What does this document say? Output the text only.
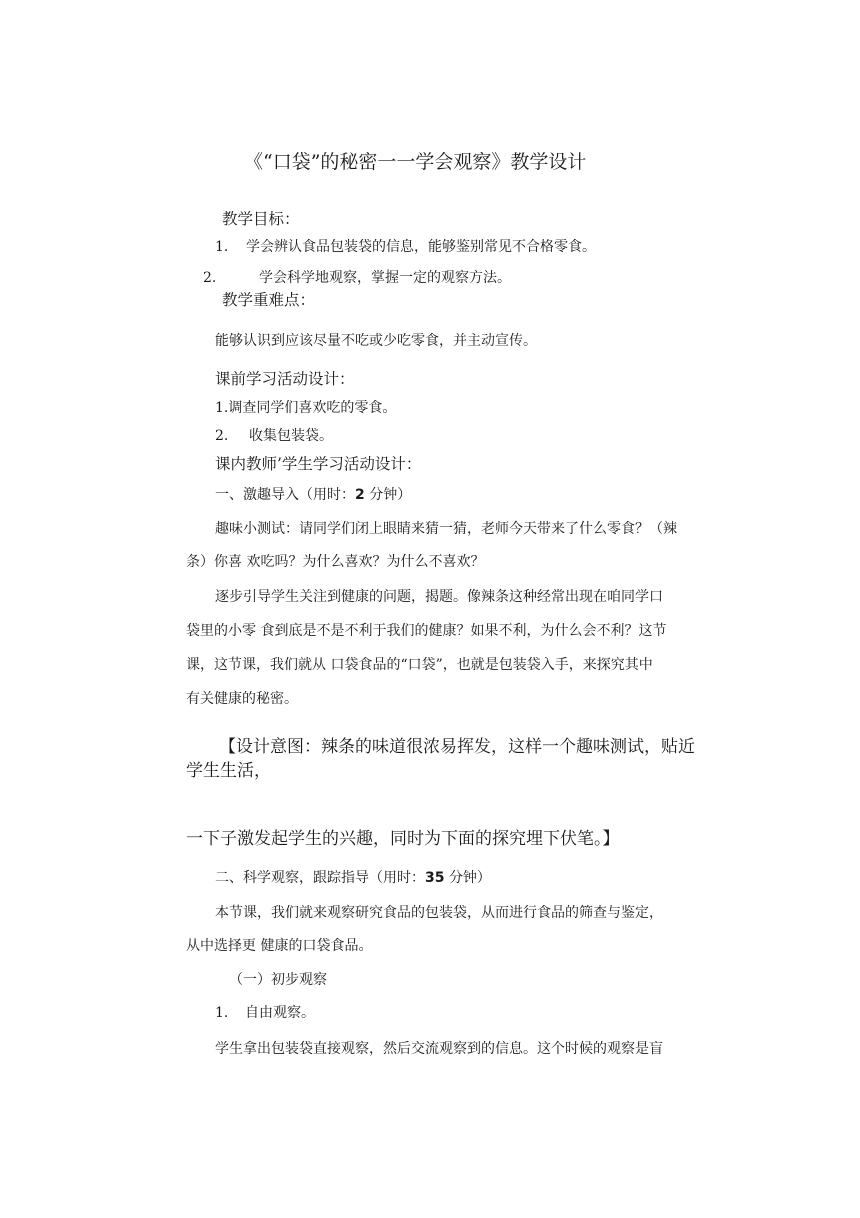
《“口袋”的秘密一一学会观察》教学设计
教学目标：
1. 学会辨认食品包装袋的信息，能够鉴别常见不合格零食。
2.	学会科学地观察，掌握一定的观察方法。
教学重难点：
能够认识到应该尽量不吃或少吃零食，并主动宣传。
课前学习活动设计：
1.调查同学们喜欢吃的零食。
2. 收集包装袋。
课内教师’学生学习活动设计：
一、激趣导入（用时：2 分钟）
趣味小测试：请同学们闭上眼睛来猜一猜，老师今天带来了什么零食？（辣
条）你喜 欢吃吗？为什么喜欢？为什么不喜欢？
逐步引导学生关注到健康的问题，揭题。像辣条这种经常出现在咱同学口
袋里的小零 食到底是不是不利于我们的健康？如果不利，为什么会不利？这节
课，这节课，我们就从 口袋食品的“口袋”，也就是包装袋入手，来探究其中
有关健康的秘密。
【设计意图：辣条的味道很浓易挥发，这样一个趣味测试，贴近
学生生活，
一下子激发起学生的兴趣，同时为下面的探究埋下伏笔。】
二、科学观察，跟踪指导（用时：35 分钟）
本节课，我们就来观察研究食品的包装袋，从而进行食品的筛查与鉴定，
从中选择更 健康的口袋食品。
（一）初步观察
1. 自由观察。
学生拿出包装袋直接观察，然后交流观察到的信息。这个时候的观察是盲
